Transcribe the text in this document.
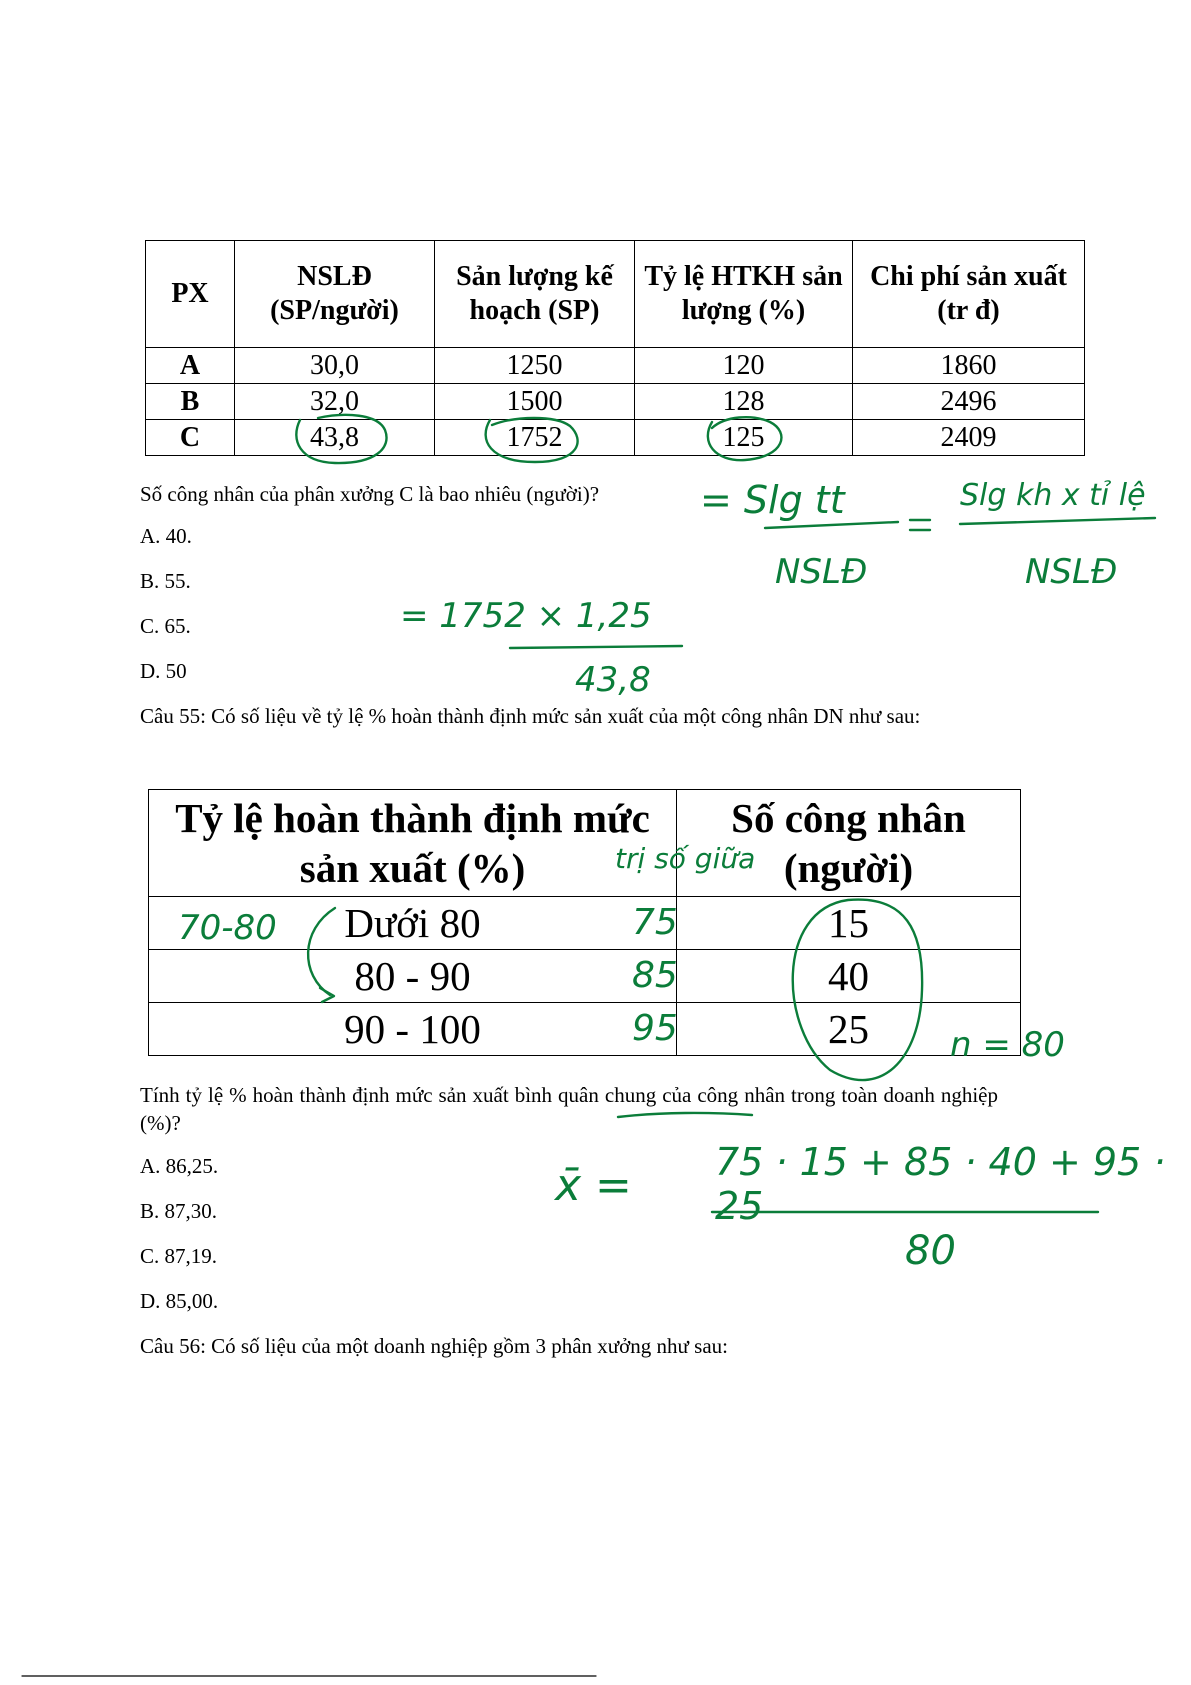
PX	NSLĐ (SP/người)	Sản lượng kế hoạch (SP)	Tỷ lệ HTKH sản lượng (%)	Chi phí sản xuất (tr đ)
A	30,0	1250	120	1860
B	32,0	1500	128	2496
C	43,8	1752	125	2409
Số công nhân của phân xưởng C là bao nhiêu (người)?
A. 40.
B. 55.
C. 65.
D. 50
Câu 55: Có số liệu về tỷ lệ % hoàn thành định mức sản xuất của một công nhân DN như sau:
Tỷ lệ hoàn thành định mức sản xuất (%)	Số công nhân (người)
Dưới 80	15
80 - 90	40
90 - 100	25
Tính tỷ lệ % hoàn thành định mức sản xuất bình quân chung của công nhân trong toàn doanh nghiệp (%)?
A. 86,25.
B. 87,30.
C. 87,19.
D. 85,00.
Câu 56: Có số liệu của một doanh nghiệp gồm 3 phân xưởng như sau:
= Slg tt	Slg kh x tỉ lệ
NSLĐ	NSLĐ
= 1752 × 1,25
43,8
trị số giữa
70-80	75
85
95	n = 80
x̄ = 75 · 15 + 85 · 40 + 95 · 25
80
